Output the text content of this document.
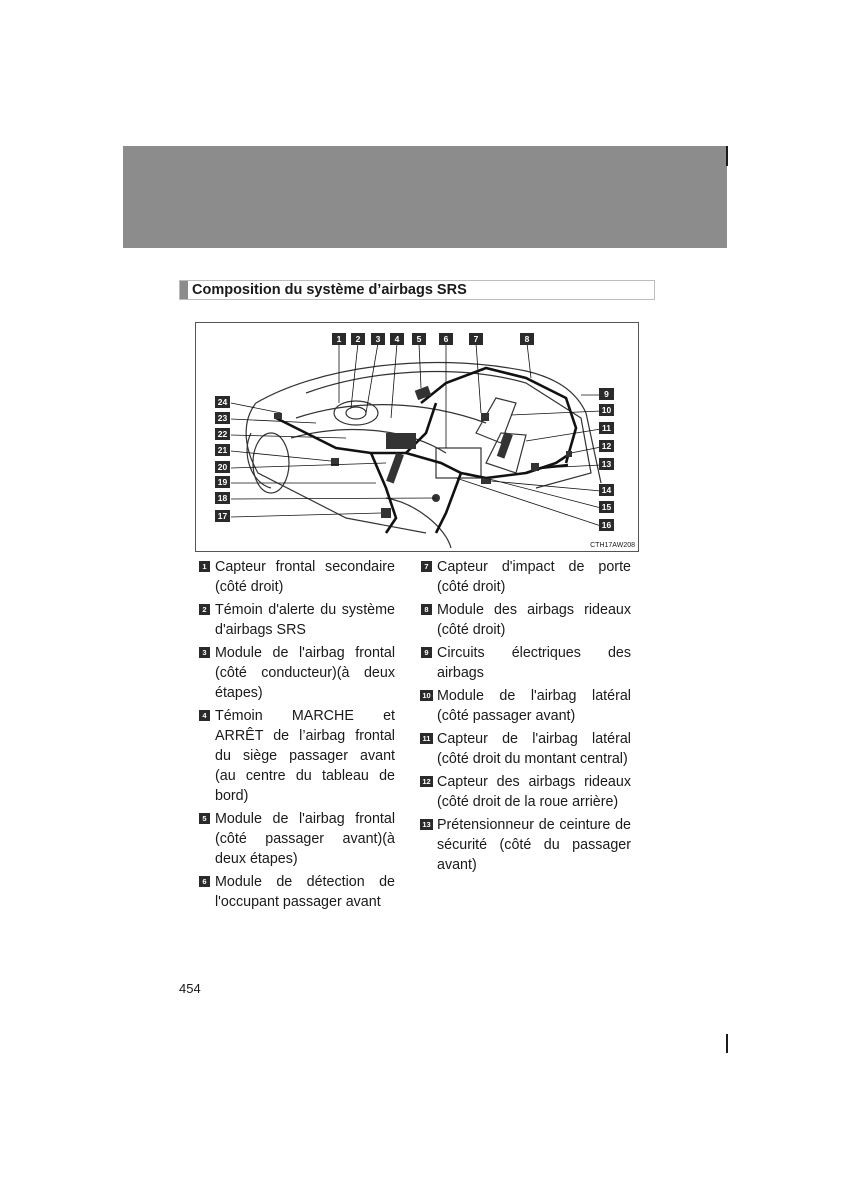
Composition du système d’airbags SRS
1	2	3	4	5	6	7	8
9
10
11
12
13
14
15
16
17
18
19
20
21
22
23
24
CTH17AW208
1 Capteur frontal secondaire (côté droit)
2 Témoin d'alerte du système d'airbags SRS
3 Module de l'airbag frontal (côté conducteur)(à deux étapes)
4 Témoin MARCHE et ARRÊT de l’airbag frontal du siège passager avant (au centre du tableau de bord)
5 Module de l'airbag frontal (côté passager avant)(à deux étapes)
6 Module de détection de l'occupant passager avant
7 Capteur d'impact de porte (côté droit)
8 Module des airbags rideaux (côté droit)
9 Circuits électriques des airbags
10 Module de l'airbag latéral (côté passager avant)
11 Capteur de l'airbag latéral (côté droit du montant central)
12 Capteur des airbags rideaux (côté droit de la roue arrière)
13 Prétensionneur de ceinture de sécurité (côté du passager avant)
454
